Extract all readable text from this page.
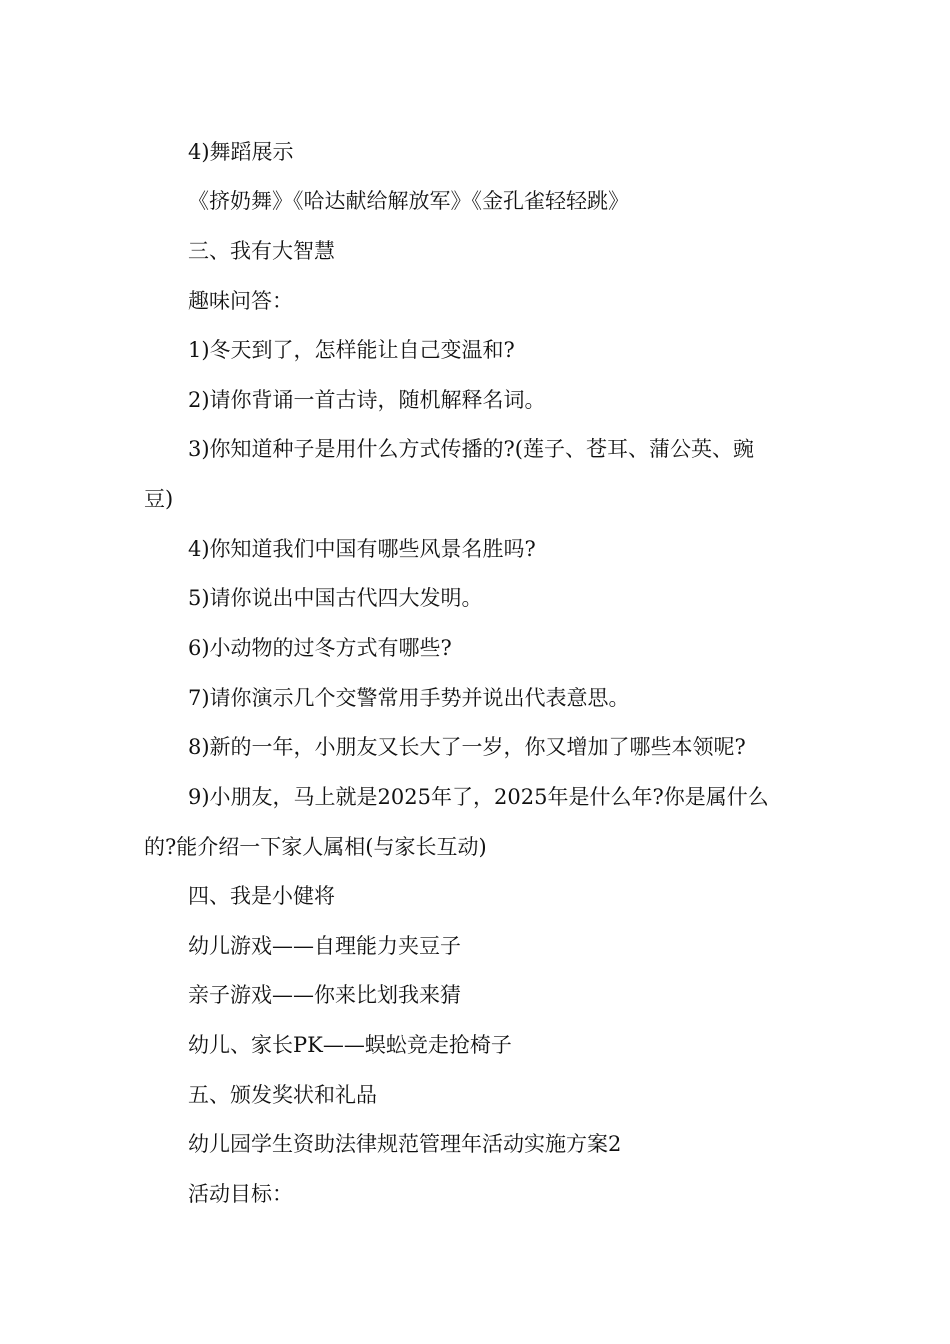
4)舞蹈展示
《挤奶舞》《哈达献给解放军》《金孔雀轻轻跳》
三、我有大智慧
趣味问答：
1)冬天到了，怎样能让自己变温和?
2)请你背诵一首古诗，随机解释名词。
3)你知道种子是用什么方式传播的?(莲子、苍耳、蒲公英、豌
豆)
4)你知道我们中国有哪些风景名胜吗?
5)请你说出中国古代四大发明。
6)小动物的过冬方式有哪些?
7)请你演示几个交警常用手势并说出代表意思。
8)新的一年，小朋友又长大了一岁，你又增加了哪些本领呢?
9)小朋友，马上就是2025年了，2025年是什么年?你是属什么
的?能介绍一下家人属相(与家长互动)
四、我是小健将
幼儿游戏——自理能力夹豆子
亲子游戏——你来比划我来猜
幼儿、家长PK——蜈蚣竞走抢椅子
五、颁发奖状和礼品
幼儿园学生资助法律规范管理年活动实施方案2
活动目标：
